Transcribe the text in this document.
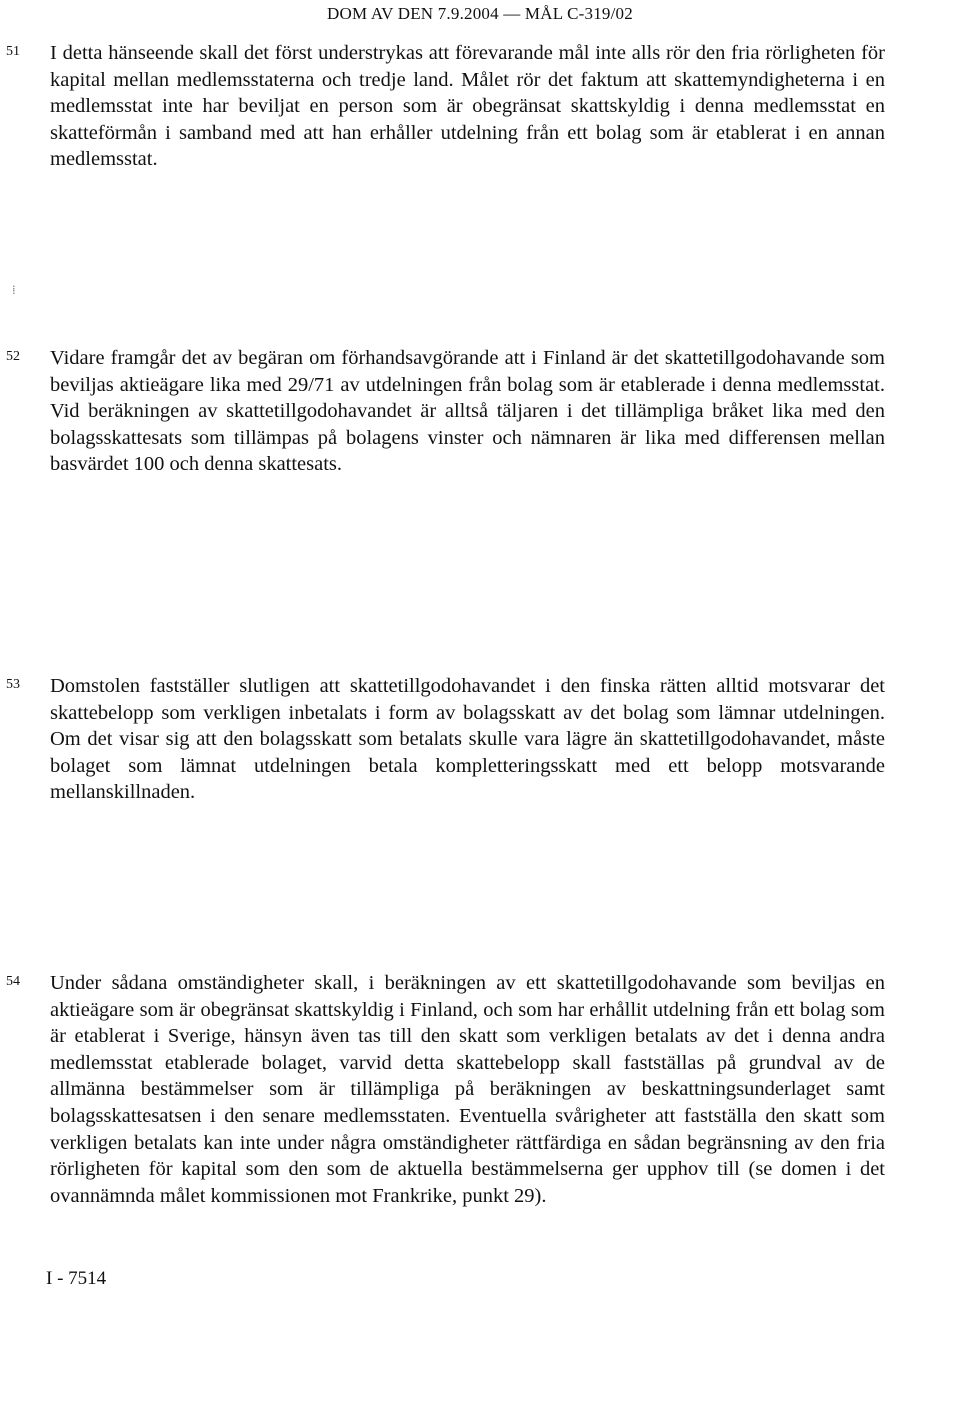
DOM AV DEN 7.9.2004 — MÅL C-319/02
51	I detta hänseende skall det först understrykas att förevarande mål inte alls rör den fria rörligheten för kapital mellan medlemsstaterna och tredje land. Målet rör det faktum att skattemyndigheterna i en medlemsstat inte har beviljat en person som är obegränsat skattskyldig i denna medlemsstat en skatteförmån i samband med att han erhåller utdelning från ett bolag som är etablerat i en annan medlemsstat.

⁞
52	Vidare framgår det av begäran om förhandsavgörande att i Finland är det skattetillgodohavande som beviljas aktieägare lika med 29/71 av utdelningen från bolag som är etablerade i denna medlemsstat. Vid beräkningen av skattetillgodohavandet är alltså täljaren i det tillämpliga bråket lika med den bolagsskattesats som tillämpas på bolagens vinster och nämnaren är lika med differensen mellan basvärdet 100 och denna skattesats.

53	Domstolen fastställer slutligen att skattetillgodohavandet i den finska rätten alltid motsvarar det skattebelopp som verkligen inbetalats i form av bolagsskatt av det bolag som lämnar utdelningen. Om det visar sig att den bolagsskatt som betalats skulle vara lägre än skattetillgodohavandet, måste bolaget som lämnat utdelningen betala kompletteringsskatt med ett belopp motsvarande mellanskillnaden.

54	Under sådana omständigheter skall, i beräkningen av ett skattetillgodohavande som beviljas en aktieägare som är obegränsat skattskyldig i Finland, och som har erhållit utdelning från ett bolag som är etablerat i Sverige, hänsyn även tas till den skatt som verkligen betalats av det i denna andra medlemsstat etablerade bolaget, varvid detta skattebelopp skall fastställas på grundval av de allmänna bestämmelser som är tillämpliga på beräkningen av beskattningsunderlaget samt bolagsskattesatsen i den senare medlemsstaten. Eventuella svårigheter att fastställa den skatt som verkligen betalats kan inte under några omständigheter rättfärdiga en sådan begränsning av den fria rörligheten för kapital som den som de aktuella bestämmelserna ger upphov till (se domen i det ovannämnda målet kommissionen mot Frankrike, punkt 29).

I - 7514
